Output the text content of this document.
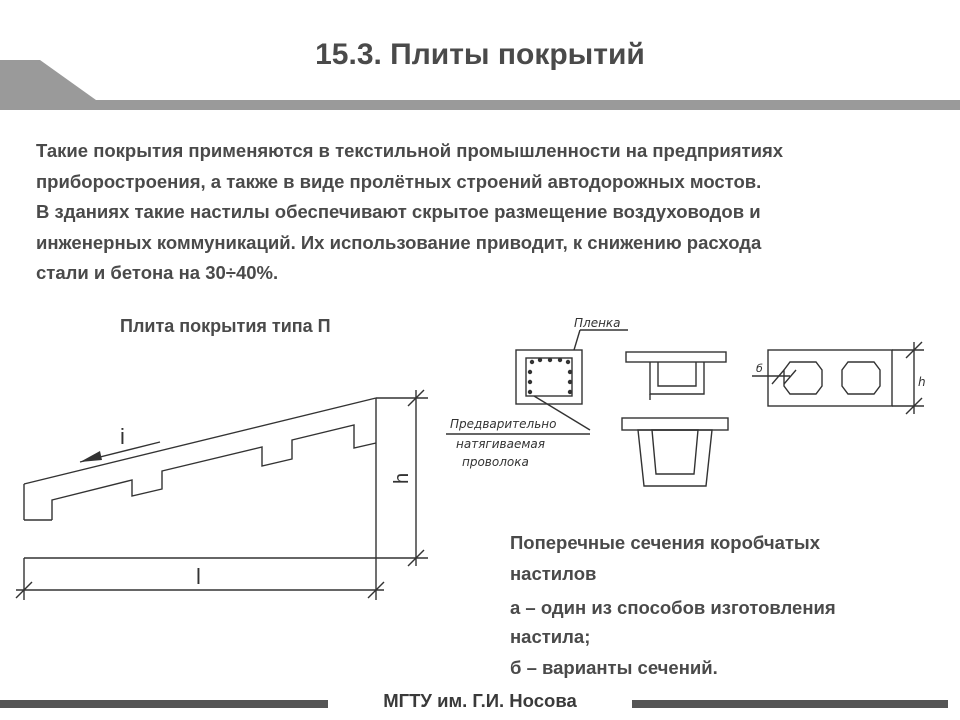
15.3. Плиты покрытий
Такие покрытия применяются в текстильной промышленности на предприятиях
приборостроения, а также в виде пролётных строений автодорожных мостов.
В зданиях такие настилы обеспечивают скрытое размещение воздуховодов и
инженерных коммуникаций. Их использование приводит, к снижению расхода
стали и бетона на 30÷40%.
Плита покрытия типа П
i
h
l
Пленка
Предварительно
натягиваемая
проволока
h
б
Поперечные сечения коробчатых
настилов
а – один из способов изготовления
настила;
б – варианты сечений.
МГТУ им. Г.И. Носова
